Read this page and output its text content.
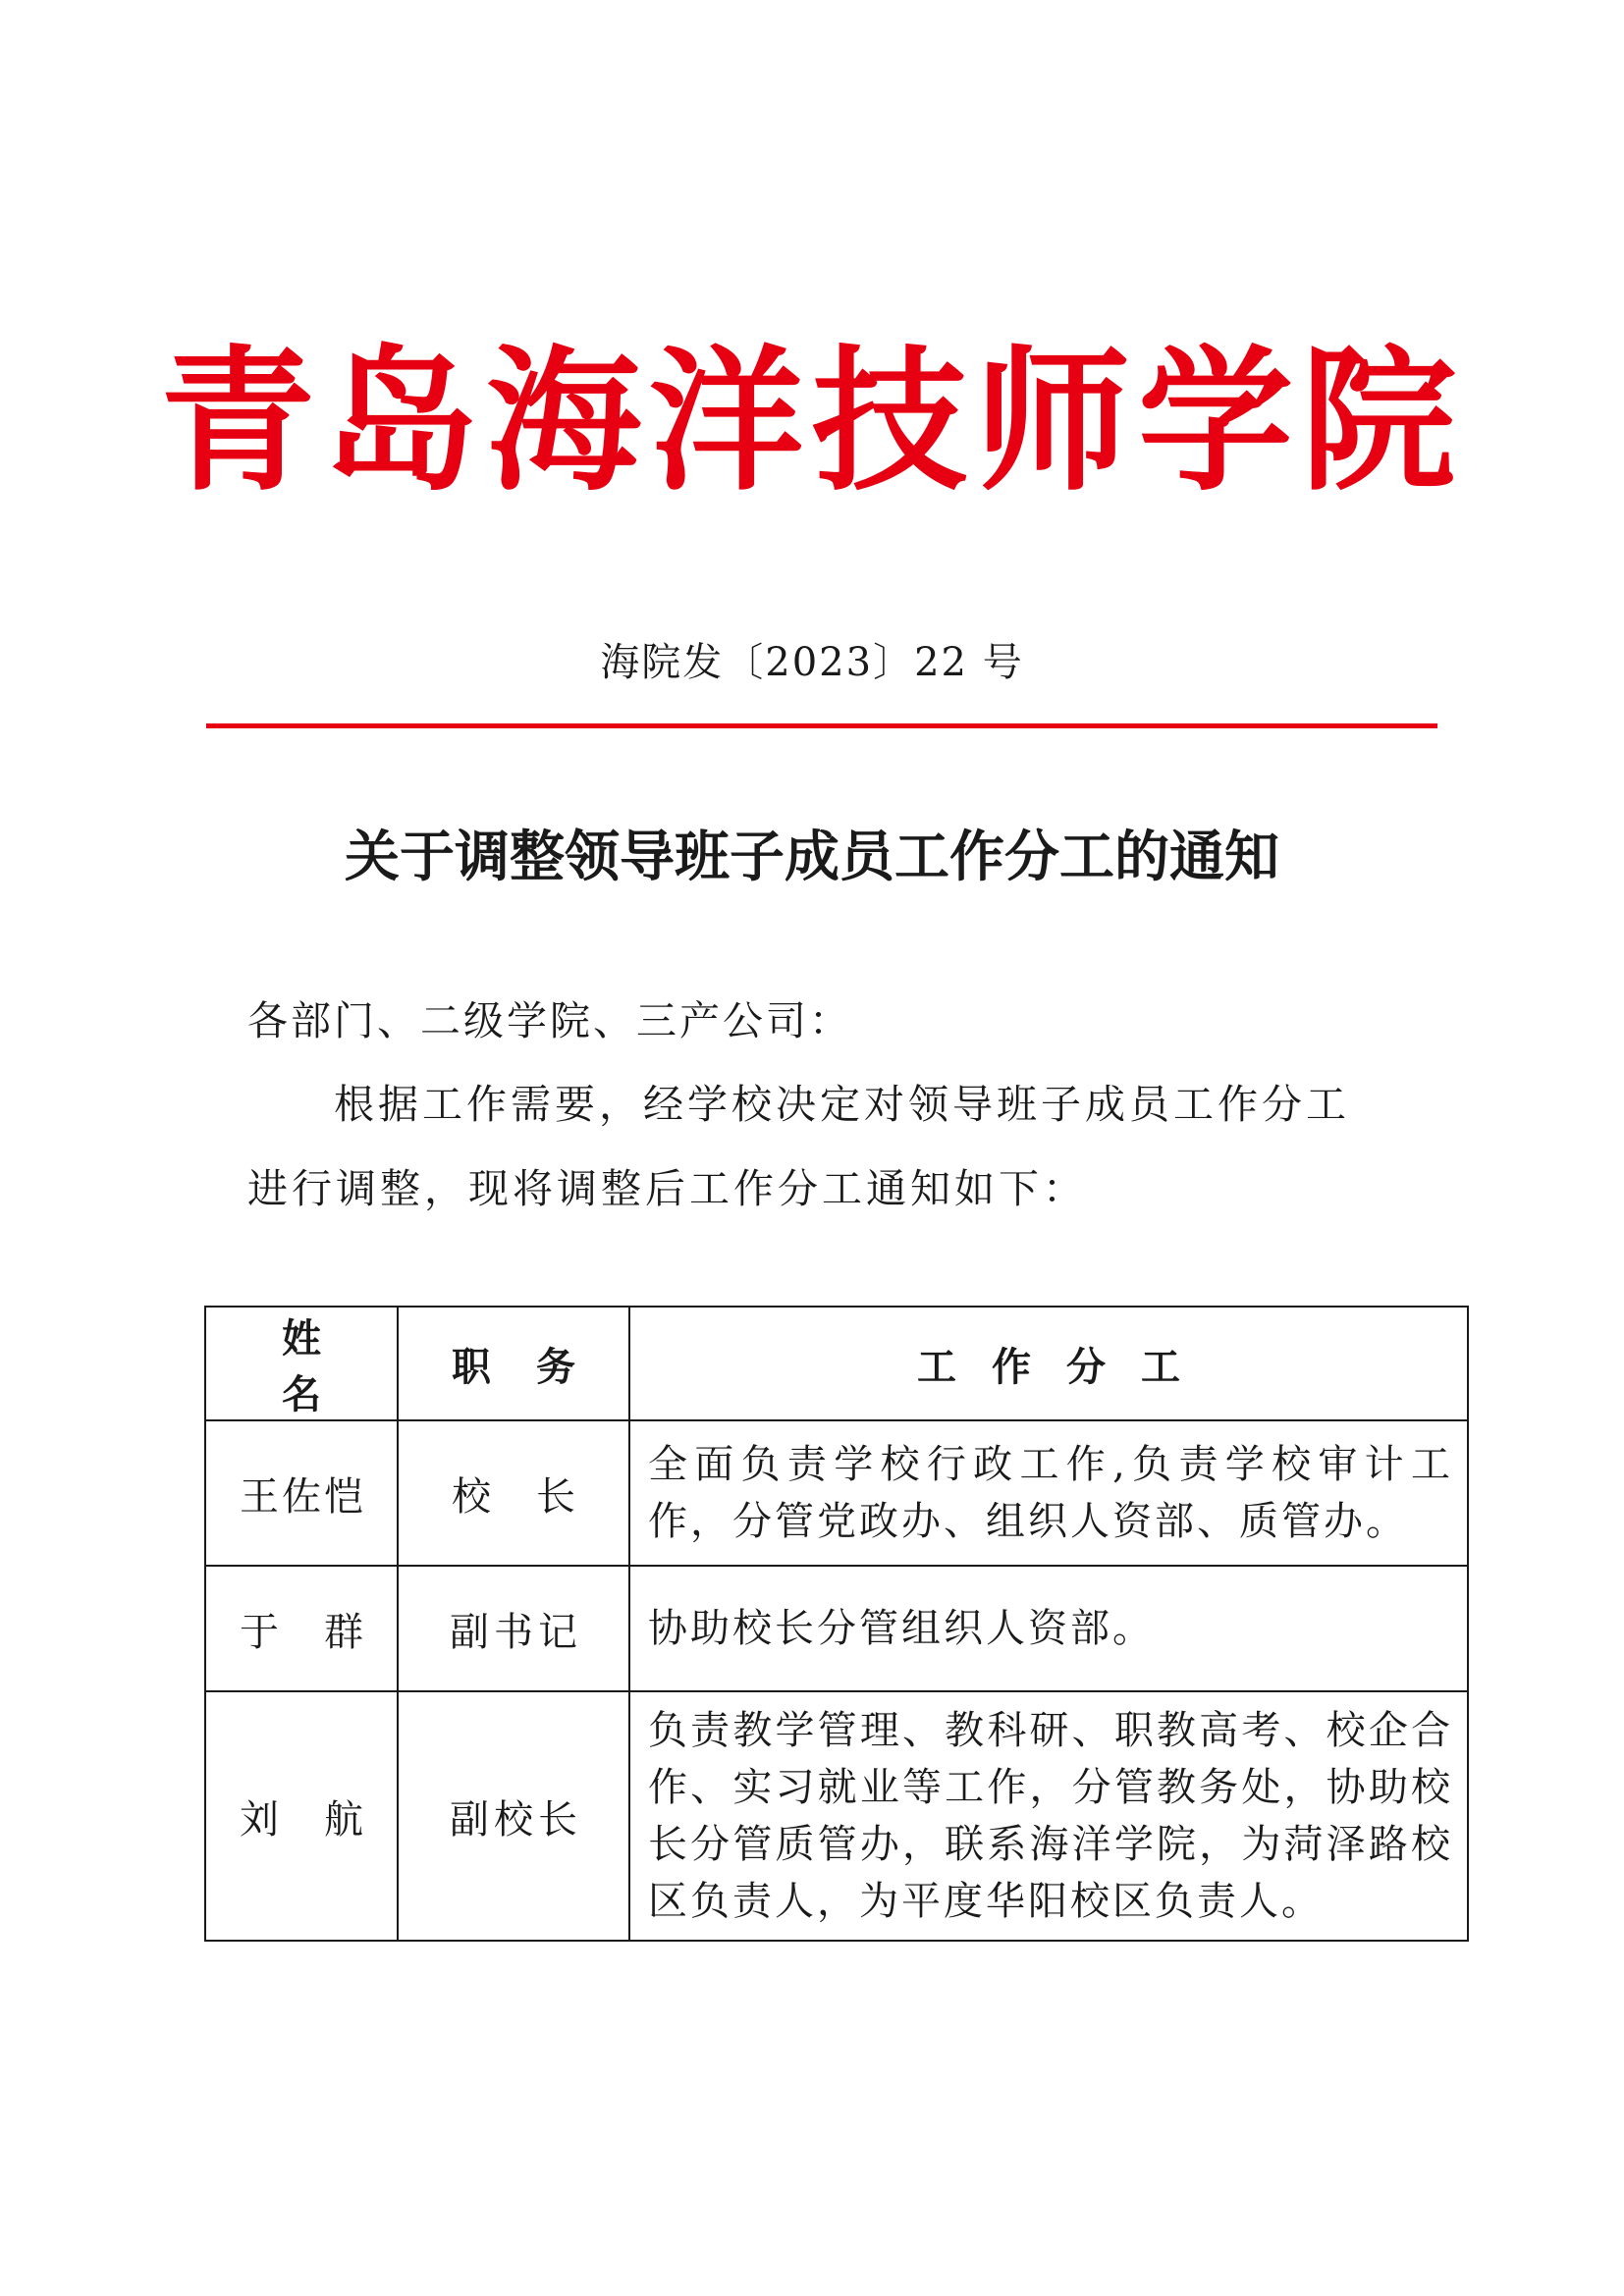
青岛海洋技师学院
海院发〔2023〕22 号
关于调整领导班子成员工作分工的通知
各部门、二级学院、三产公司：
根据工作需要，经学校决定对领导班子成员工作分工进行调整，现将调整后工作分工通知如下：
姓名	职务	工作分工
王佐恺	校长	全面负责学校行政工作,负责学校审计工作，分管党政办、组织人资部、质管办。
于群	副书记	协助校长分管组织人资部。
刘航	副校长	负责教学管理、教科研、职教高考、校企合作、实习就业等工作，分管教务处，协助校长分管质管办，联系海洋学院，为菏泽路校区负责人，为平度华阳校区负责人。
